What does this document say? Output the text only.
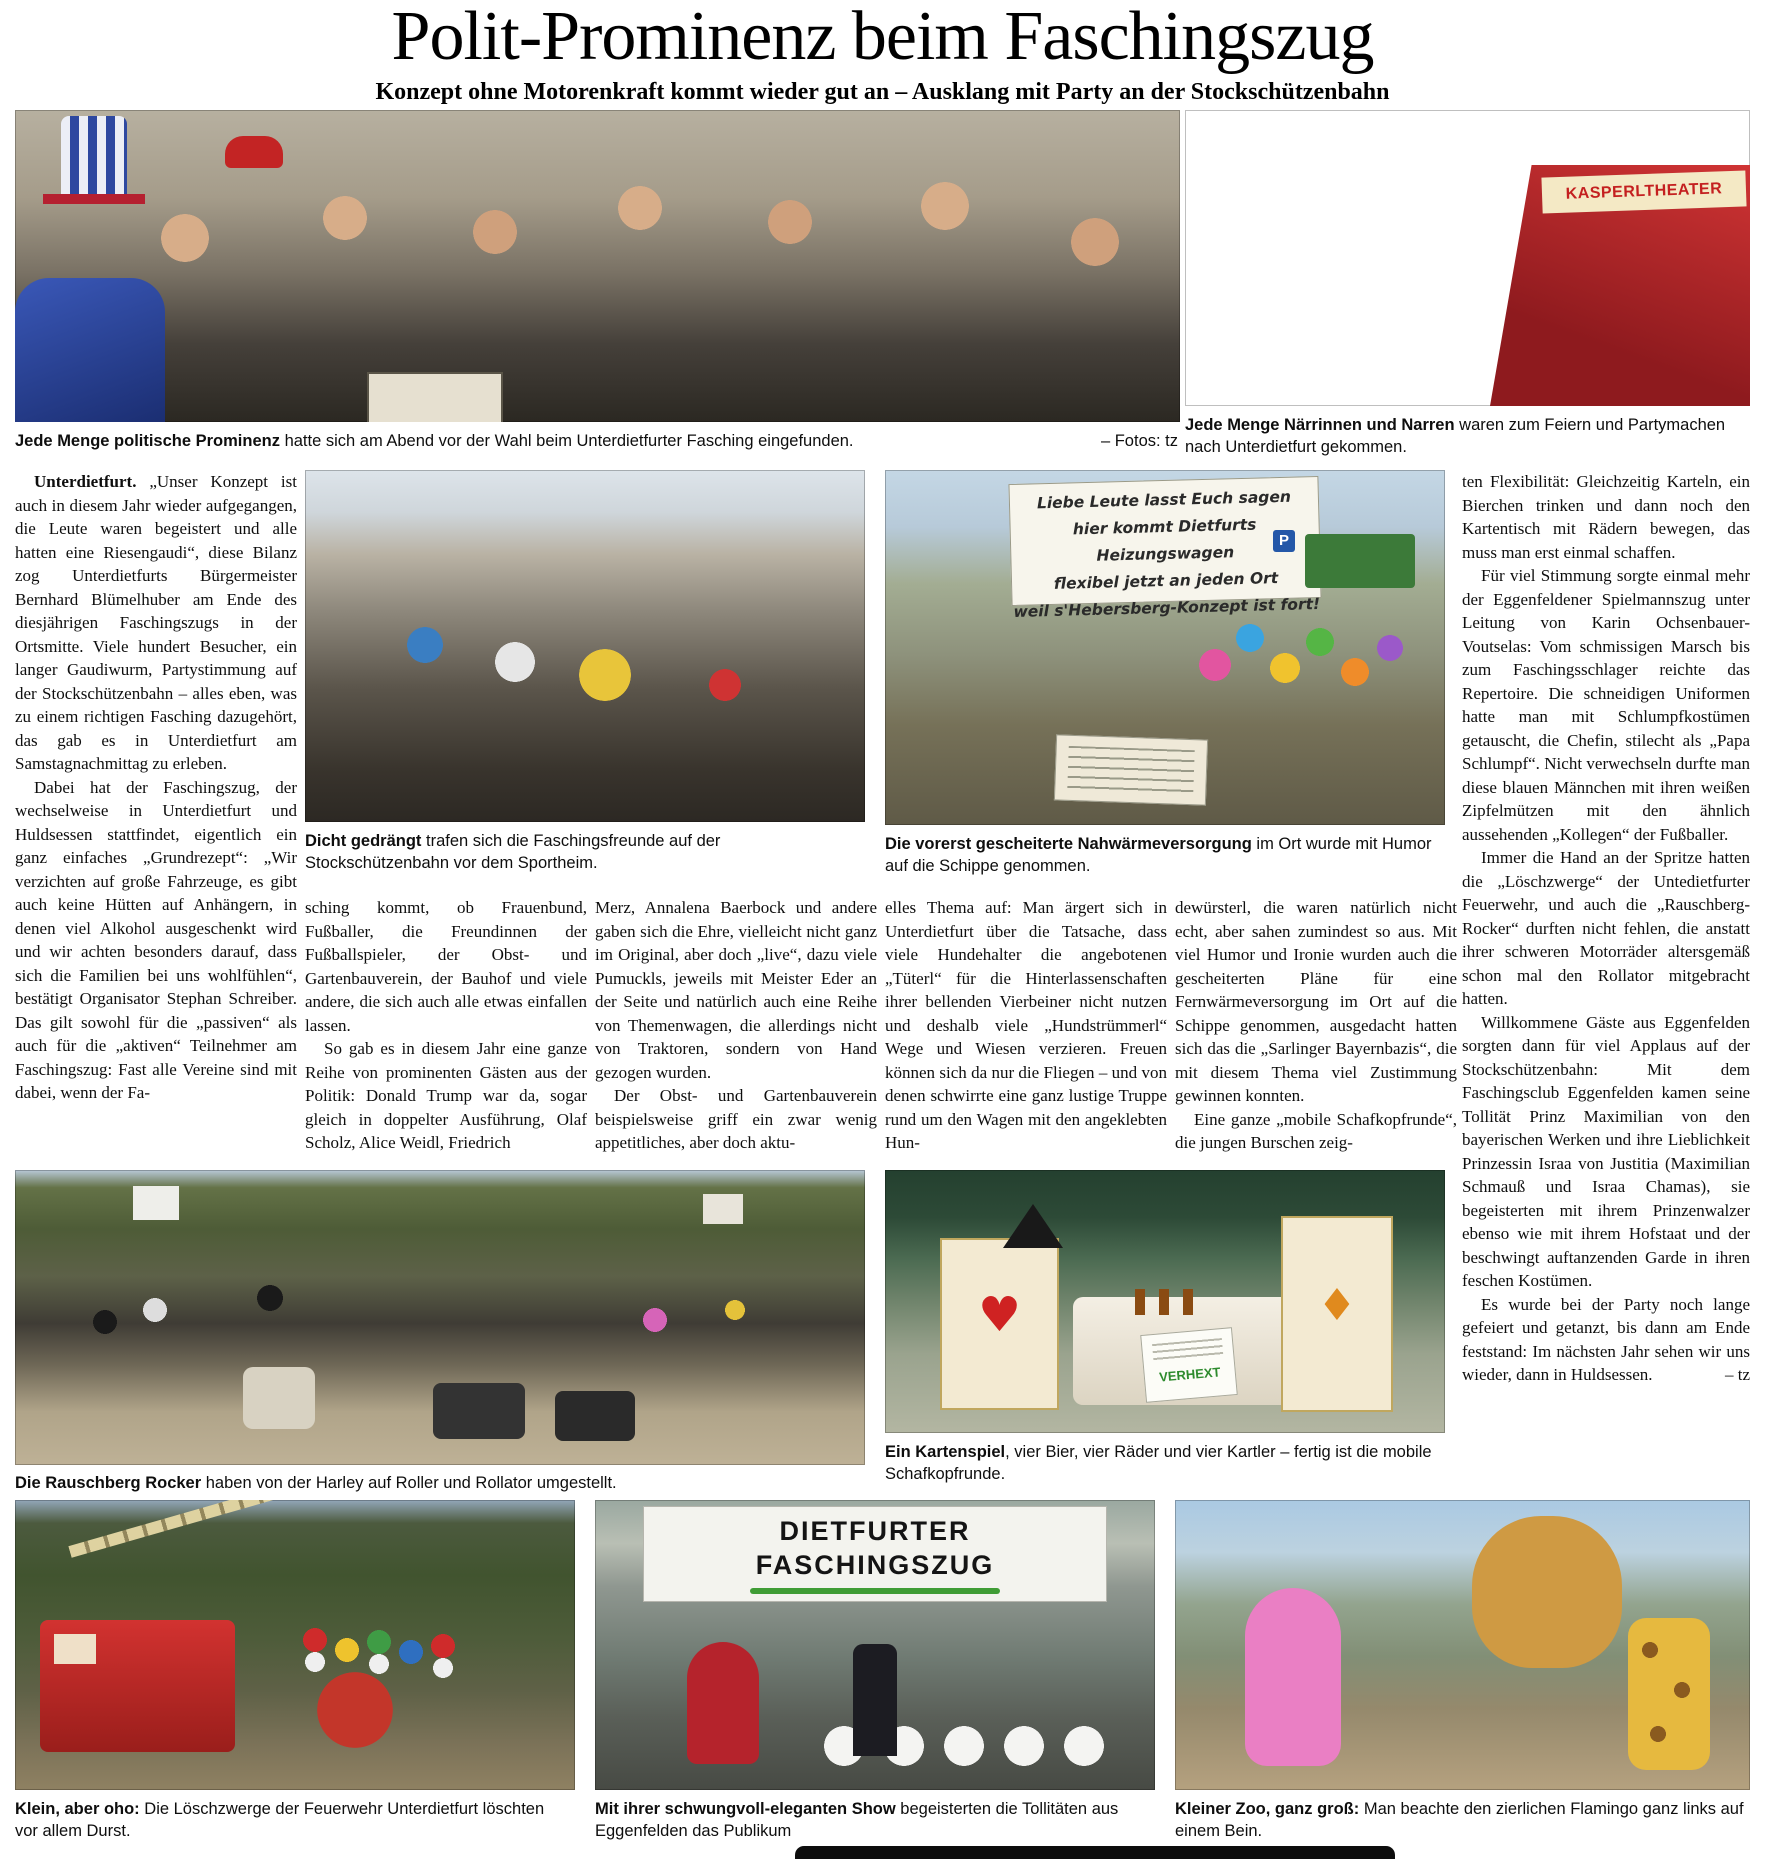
Polit-Prominenz beim Faschingszug
Konzept ohne Motorenkraft kommt wieder gut an – Ausklang mit Party an der Stockschützenbahn
Jede Menge politische Prominenz hatte sich am Abend vor der Wahl beim Unterdietfurter Fasching eingefunden.	– Fotos: tz
KASPERLTHEATER
Jede Menge Närrinnen und Narren waren zum Feiern und Partymachen nach Unterdietfurt gekommen.

Unterdietfurt. „Unser Konzept ist auch in diesem Jahr wieder aufgegangen, die Leute waren begeistert und alle hatten eine Riesengaudi“, diese Bilanz zog Unterdietfurts Bürgermeister Bernhard Blümelhuber am Ende des diesjährigen Faschingszugs in der Ortsmitte. Viele hundert Besucher, ein langer Gaudiwurm, Partystimmung auf der Stockschützenbahn – alles eben, was zu einem richtigen Fasching dazugehört, das gab es in Unterdietfurt am Samstagnachmittag zu erleben.

Dabei hat der Faschingszug, der wechselweise in Unterdietfurt und Huldsessen stattfindet, eigentlich ein ganz einfaches „Grundrezept“: „Wir verzichten auf große Fahrzeuge, es gibt auch keine Hütten auf Anhängern, in denen viel Alkohol ausgeschenkt wird und wir achten besonders darauf, dass sich die Familien bei uns wohlfühlen“, bestätigt Organisator Stephan Schreiber. Das gilt sowohl für die „passiven“ als auch für die „aktiven“ Teilnehmer am Faschingszug: Fast alle Vereine sind mit dabei, wenn der Fa-

Dicht gedrängt trafen sich die Faschingsfreunde auf der Stockschützenbahn vor dem Sportheim.
Liebe Leute lasst Euch sagen
hier kommt Dietfurts Heizungswagen
flexibel jetzt an jeden Ort
weil s'Hebersberg-Konzept ist fort!
P
Die vorerst gescheiterte Nahwärmeversorgung im Ort wurde mit Humor auf die Schippe genommen.

sching kommt, ob Frauenbund, Fußballer, die Freundinnen der Fußballspieler, der Obst- und Gartenbauverein, der Bauhof und viele andere, die sich auch alle etwas einfallen lassen.

So gab es in diesem Jahr eine ganze Reihe von prominenten Gästen aus der Politik: Donald Trump war da, sogar gleich in doppelter Ausführung, Olaf Scholz, Alice Weidl, Friedrich

Merz, Annalena Baerbock und andere gaben sich die Ehre, vielleicht nicht ganz im Original, aber doch „live“, dazu viele Pumuckls, jeweils mit Meister Eder an der Seite und natürlich auch eine Reihe von Themenwagen, die allerdings nicht von Traktoren, sondern von Hand gezogen wurden.

Der Obst- und Gartenbauverein beispielsweise griff ein zwar wenig appetitliches, aber doch aktu-

elles Thema auf: Man ärgert sich in Unterdietfurt über die Tatsache, dass viele Hundehalter die angebotenen „Tüterl“ für die Hinterlassenschaften ihrer bellenden Vierbeiner nicht nutzen und deshalb viele „Hundstrümmerl“ Wege und Wiesen verzieren. Freuen können sich da nur die Fliegen – und von denen schwirrte eine ganz lustige Truppe rund um den Wagen mit den angeklebten Hun-

dewürsterl, die waren natürlich nicht echt, aber sahen zumindest so aus. Mit viel Humor und Ironie wurden auch die gescheiterten Pläne für eine Fernwärmeversorgung im Ort auf die Schippe genommen, ausgedacht hatten sich das die „Sarlinger Bayernbazis“, die mit diesem Thema viel Zustimmung gewinnen konnten.

Eine ganze „mobile Schafkopfrunde“, die jungen Burschen zeig-

ten Flexibilität: Gleichzeitig Karteln, ein Bierchen trinken und dann noch den Kartentisch mit Rädern bewegen, das muss man erst einmal schaffen.

Für viel Stimmung sorgte einmal mehr der Eggenfeldener Spielmannszug unter Leitung von Karin Ochsenbauer-Voutselas: Vom schmissigen Marsch bis zum Faschingsschlager reichte das Repertoire. Die schneidigen Uniformen hatte man mit Schlumpfkostümen getauscht, die Chefin, stilecht als „Papa Schlumpf“. Nicht verwechseln durfte man diese blauen Männchen mit ihren weißen Zipfelmützen mit den ähnlich aussehenden „Kollegen“ der Fußballer.

Immer die Hand an der Spritze hatten die „Löschzwerge“ der Untedietfurter Feuerwehr, und auch die „Rauschberg-Rocker“ durften nicht fehlen, die anstatt ihrer schweren Motorräder altersgemäß schon mal den Rollator mitgebracht hatten.

Willkommene Gäste aus Eggenfelden sorgten dann für viel Applaus auf der Stockschützenbahn: Mit dem Faschingsclub Eggenfelden kamen seine Tollität Prinz Maximilian von den bayerischen Werken und ihre Lieblichkeit Prinzessin Israa von Justitia (Maximilian Schmauß und Israa Chamas), sie begeisterten mit ihrem Prinzenwalzer ebenso wie mit ihrem Hofstaat und der beschwingt auftanzenden Garde in ihren feschen Kostümen.

Es wurde bei der Party noch lange gefeiert und getanzt, bis dann am Ende feststand: Im nächsten Jahr sehen wir uns wieder, dann in Huldsessen.	– tz

Die Rauschberg Rocker haben von der Harley auf Roller und Rollator umgestellt.
♥	♦
VERHEXT
Ein Kartenspiel, vier Bier, vier Räder und vier Kartler – fertig ist die mobile Schafkopfrunde.
DIETFURTER
FASCHINGSZUG
Klein, aber oho: Die Löschzwerge der Feuerwehr Unterdietfurt löschten vor allem Durst.
Mit ihrer schwungvoll-eleganten Show begeisterten die Tollitäten aus Eggenfelden das Publikum
Kleiner Zoo, ganz groß: Man beachte den zierlichen Flamingo ganz links auf einem Bein.
